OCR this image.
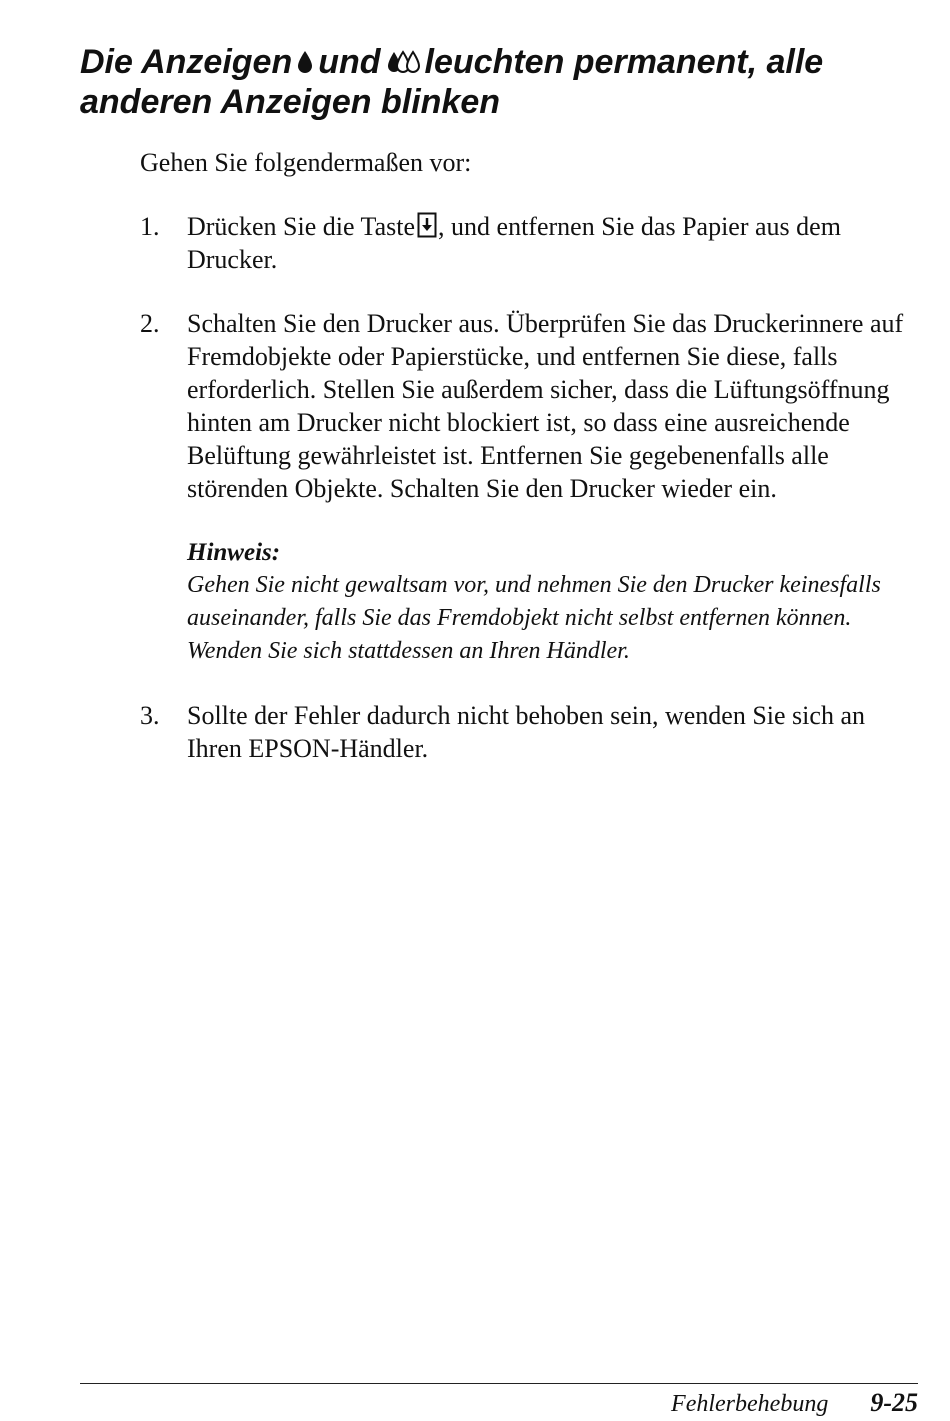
Die Anzeigen und leuchten permanent, alle anderen Anzeigen blinken

Gehen Sie folgendermaßen vor:

1. Drücken Sie die Taste , und entfernen Sie das Papier aus dem Drucker.
2. Schalten Sie den Drucker aus. Überprüfen Sie das Druckerinnere auf Fremdobjekte oder Papierstücke, und entfernen Sie diese, falls erforderlich. Stellen Sie außerdem sicher, dass die Lüftungsöffnung hinten am Drucker nicht blockiert ist, so dass eine ausreichende Belüftung gewährleistet ist. Entfernen Sie gegebenenfalls alle störenden Objekte. Schalten Sie den Drucker wieder ein.
Hinweis:
Gehen Sie nicht gewaltsam vor, und nehmen Sie den Drucker keinesfalls auseinander, falls Sie das Fremdobjekt nicht selbst entfernen können. Wenden Sie sich stattdessen an Ihren Händler.
3. Sollte der Fehler dadurch nicht behoben sein, wenden Sie sich an Ihren EPSON-Händler.
Fehlerbehebung 9-25
